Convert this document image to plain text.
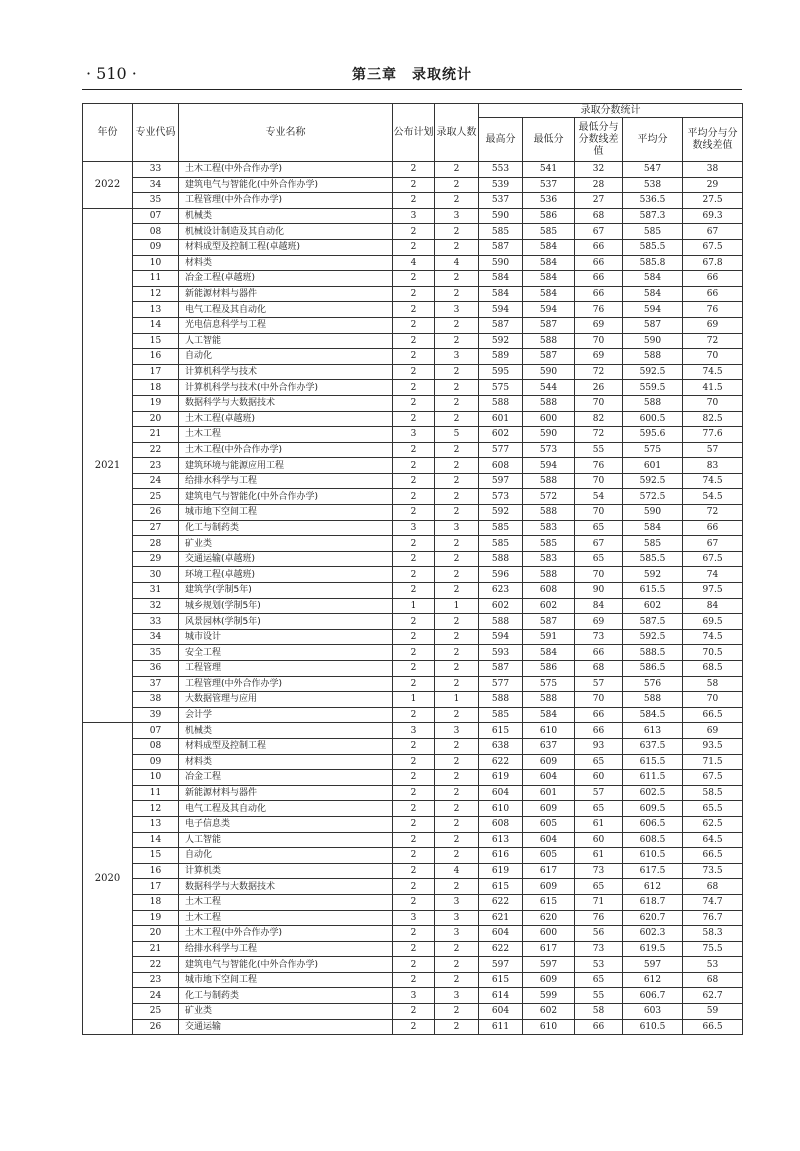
· 510 ·	第三章　录取统计
年份	专业代码	专业名称	公布计划	录取人数	录取分数统计				
					最高分	最低分	最低分与分数线差值	平均分	平均分与分数线差值
2022	33	土木工程(中外合作办学)	2	2	553	541	32	547	38
	34	建筑电气与智能化(中外合作办学)	2	2	539	537	28	538	29
	35	工程管理(中外合作办学)	2	2	537	536	27	536.5	27.5
2021	07	机械类	3	3	590	586	68	587.3	69.3
	08	机械设计制造及其自动化	2	2	585	585	67	585	67
	09	材料成型及控制工程(卓越班)	2	2	587	584	66	585.5	67.5
	10	材料类	4	4	590	584	66	585.8	67.8
	11	冶金工程(卓越班)	2	2	584	584	66	584	66
	12	新能源材料与器件	2	2	584	584	66	584	66
	13	电气工程及其自动化	2	3	594	594	76	594	76
	14	光电信息科学与工程	2	2	587	587	69	587	69
	15	人工智能	2	2	592	588	70	590	72
	16	自动化	2	3	589	587	69	588	70
	17	计算机科学与技术	2	2	595	590	72	592.5	74.5
	18	计算机科学与技术(中外合作办学)	2	2	575	544	26	559.5	41.5
	19	数据科学与大数据技术	2	2	588	588	70	588	70
	20	土木工程(卓越班)	2	2	601	600	82	600.5	82.5
	21	土木工程	3	5	602	590	72	595.6	77.6
	22	土木工程(中外合作办学)	2	2	577	573	55	575	57
	23	建筑环境与能源应用工程	2	2	608	594	76	601	83
	24	给排水科学与工程	2	2	597	588	70	592.5	74.5
	25	建筑电气与智能化(中外合作办学)	2	2	573	572	54	572.5	54.5
	26	城市地下空间工程	2	2	592	588	70	590	72
	27	化工与制药类	3	3	585	583	65	584	66
	28	矿业类	2	2	585	585	67	585	67
	29	交通运输(卓越班)	2	2	588	583	65	585.5	67.5
	30	环境工程(卓越班)	2	2	596	588	70	592	74
	31	建筑学(学制5年)	2	2	623	608	90	615.5	97.5
	32	城乡规划(学制5年)	1	1	602	602	84	602	84
	33	风景园林(学制5年)	2	2	588	587	69	587.5	69.5
	34	城市设计	2	2	594	591	73	592.5	74.5
	35	安全工程	2	2	593	584	66	588.5	70.5
	36	工程管理	2	2	587	586	68	586.5	68.5
	37	工程管理(中外合作办学)	2	2	577	575	57	576	58
	38	大数据管理与应用	1	1	588	588	70	588	70
	39	会计学	2	2	585	584	66	584.5	66.5
2020	07	机械类	3	3	615	610	66	613	69
	08	材料成型及控制工程	2	2	638	637	93	637.5	93.5
	09	材料类	2	2	622	609	65	615.5	71.5
	10	冶金工程	2	2	619	604	60	611.5	67.5
	11	新能源材料与器件	2	2	604	601	57	602.5	58.5
	12	电气工程及其自动化	2	2	610	609	65	609.5	65.5
	13	电子信息类	2	2	608	605	61	606.5	62.5
	14	人工智能	2	2	613	604	60	608.5	64.5
	15	自动化	2	2	616	605	61	610.5	66.5
	16	计算机类	2	4	619	617	73	617.5	73.5
	17	数据科学与大数据技术	2	2	615	609	65	612	68
	18	土木工程	2	3	622	615	71	618.7	74.7
	19	土木工程	3	3	621	620	76	620.7	76.7
	20	土木工程(中外合作办学)	2	3	604	600	56	602.3	58.3
	21	给排水科学与工程	2	2	622	617	73	619.5	75.5
	22	建筑电气与智能化(中外合作办学)	2	2	597	597	53	597	53
	23	城市地下空间工程	2	2	615	609	65	612	68
	24	化工与制药类	3	3	614	599	55	606.7	62.7
	25	矿业类	2	2	604	602	58	603	59
	26	交通运输	2	2	611	610	66	610.5	66.5
